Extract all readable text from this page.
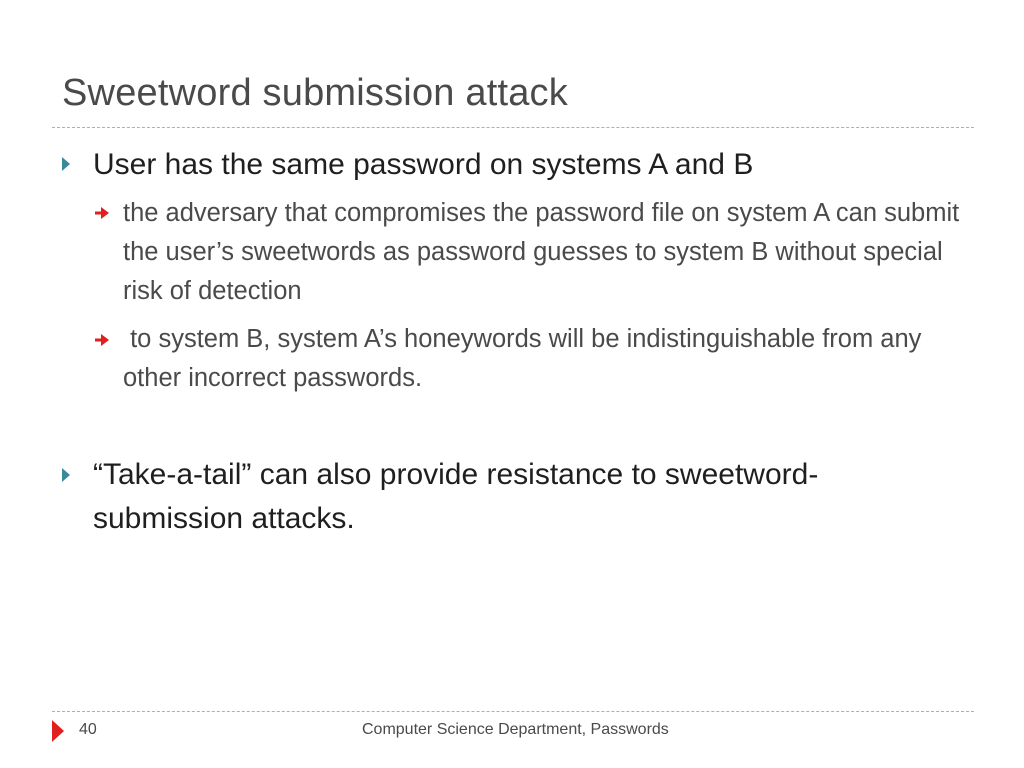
Sweetword submission attack
User has the same password on systems A and B
the adversary that compromises the password file on system A can submit the user’s sweetwords as password guesses to system B without special risk of detection
to system B, system A’s honeywords will be indistinguishable from any other incorrect passwords.
“Take-a-tail” can also provide resistance to sweetword-submission attacks.
40	Computer Science Department, Passwords
